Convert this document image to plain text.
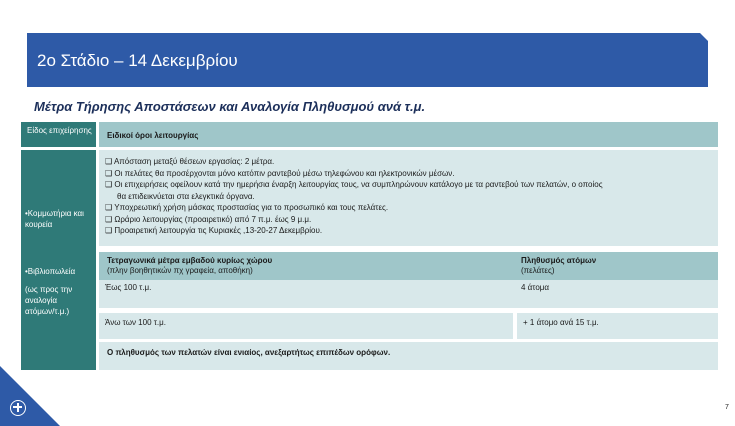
2ο Στάδιο – 14 Δεκεμβρίου
Μέτρα Τήρησης Αποστάσεων και Αναλογία Πληθυσμού ανά τ.μ.
Είδος επιχείρησης
Ειδικοί όροι λειτουργίας
•Κομμωτήρια και κουρεία
•Βιβλιοπωλεία
(ως προς την αναλογία ατόμων/τ.μ.)
❑ Απόσταση μεταξύ θέσεων εργασίας: 2 μέτρα.
❑ Οι πελάτες θα προσέρχονται μόνο κατόπιν ραντεβού μέσω τηλεφώνου και ηλεκτρονικών μέσων.
❑ Οι επιχειρήσεις οφείλουν κατά την ημερήσια έναρξη λειτουργίας τους, να συμπληρώνουν κατάλογο με τα ραντεβού των πελατών, ο οποίος
θα επιδεικνύεται στα ελεγκτικά όργανα.
❑ Υποχρεωτική χρήση μάσκας προστασίας για το προσωπικό και τους πελάτες.
❑ Ωράριο λειτουργίας (προαιρετικό) από 7 π.μ. έως 9 μ.μ.
❑ Προαιρετική λειτουργία τις Κυριακές ,13-20-27 Δεκεμβρίου.
Τετραγωνικά μέτρα εμβαδού κυρίως χώρου
(πλην βοηθητικών πχ γραφεία, αποθήκη)
Πληθυσμός ατόμων
(πελάτες)
Έως 100 τ.μ.	4 άτομα
Άνω των 100 τ.μ.	+ 1 άτομο ανά 15 τ.μ.
Ο πληθυσμός των πελατών είναι ενιαίος, ανεξαρτήτως επιπέδων ορόφων.
7
